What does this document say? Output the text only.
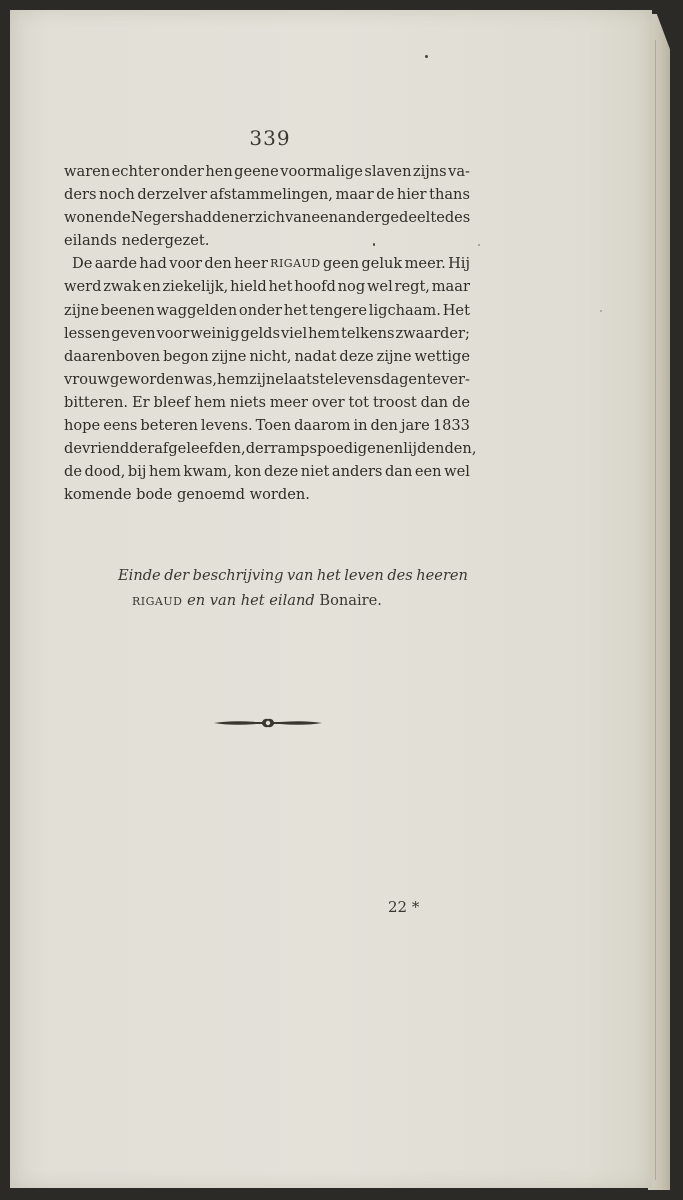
339
waren echter onder hen geene voormalige slaven zijns va-
ders noch derzelver afstammelingen, maar de hier thans
wonende Negers hadden er zich van een ander gedeelte des
eilands nedergezet.
De aarde had voor den heer RIGAUD geen geluk meer. Hij
werd zwak en ziekelijk, hield het hoofd nog wel regt, maar
zijne beenen waggelden onder het tengere ligchaam. Het
lessen geven voor weinig gelds viel hem telkens zwaarder;
daarenboven begon zijne nicht, nadat deze zijne wettige
vrouw geworden was, hem zijne laatste levensdagen te ver-
bitteren. Er bleef hem niets meer over tot troost dan de
hope eens beteren levens. Toen daarom in den jare 1833
de vriend der afgeleefden, der rampspoedigen en lijdenden,
de dood, bij hem kwam, kon deze niet anders dan een wel
komende bode genoemd worden.
Einde der beschrijving van het leven des heeren
RIGAUD en van het eiland Bonaire.
22 *
